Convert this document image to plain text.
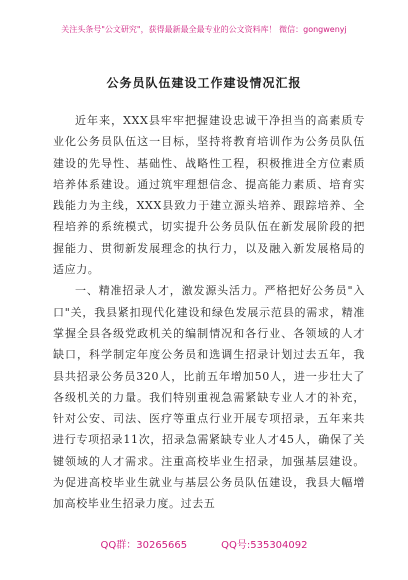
关注头条号"公文研究"，获得最新最全最专业的公文资料库！ 微信：gongwenyj
公务员队伍建设工作建设情况汇报

近年来，XXX县牢牢把握建设忠诚干净担当的高素质专业化公务员队伍这一目标，坚持将教育培训作为公务员队伍建设的先导性、基础性、战略性工程，积极推进全方位素质培养体系建设。通过筑牢理想信念、提高能力素质、培育实践能力为主线，XXX县致力于建立源头培养、跟踪培养、全程培养的系统模式，切实提升公务员队伍在新发展阶段的把握能力、贯彻新发展理念的执行力，以及融入新发展格局的适应力。

一、精准招录人才，激发源头活力。严格把好公务员"入口"关，我县紧扣现代化建设和绿色发展示范县的需求，精准掌握全县各级党政机关的编制情况和各行业、各领域的人才缺口，科学制定年度公务员和选调生招录计划过去五年，我县共招录公务员320人，比前五年增加50人，进一步壮大了各级机关的力量。我们特别重视急需紧缺专业人才的补充，针对公安、司法、医疗等重点行业开展专项招录，五年来共进行专项招录11次，招录急需紧缺专业人才45人，确保了关键领域的人才需求。注重高校毕业生招录，加强基层建设。为促进高校毕业生就业与基层公务员队伍建设，我县大幅增加高校毕业生招录力度。过去五

QQ群：30265665	QQ号:535304092
